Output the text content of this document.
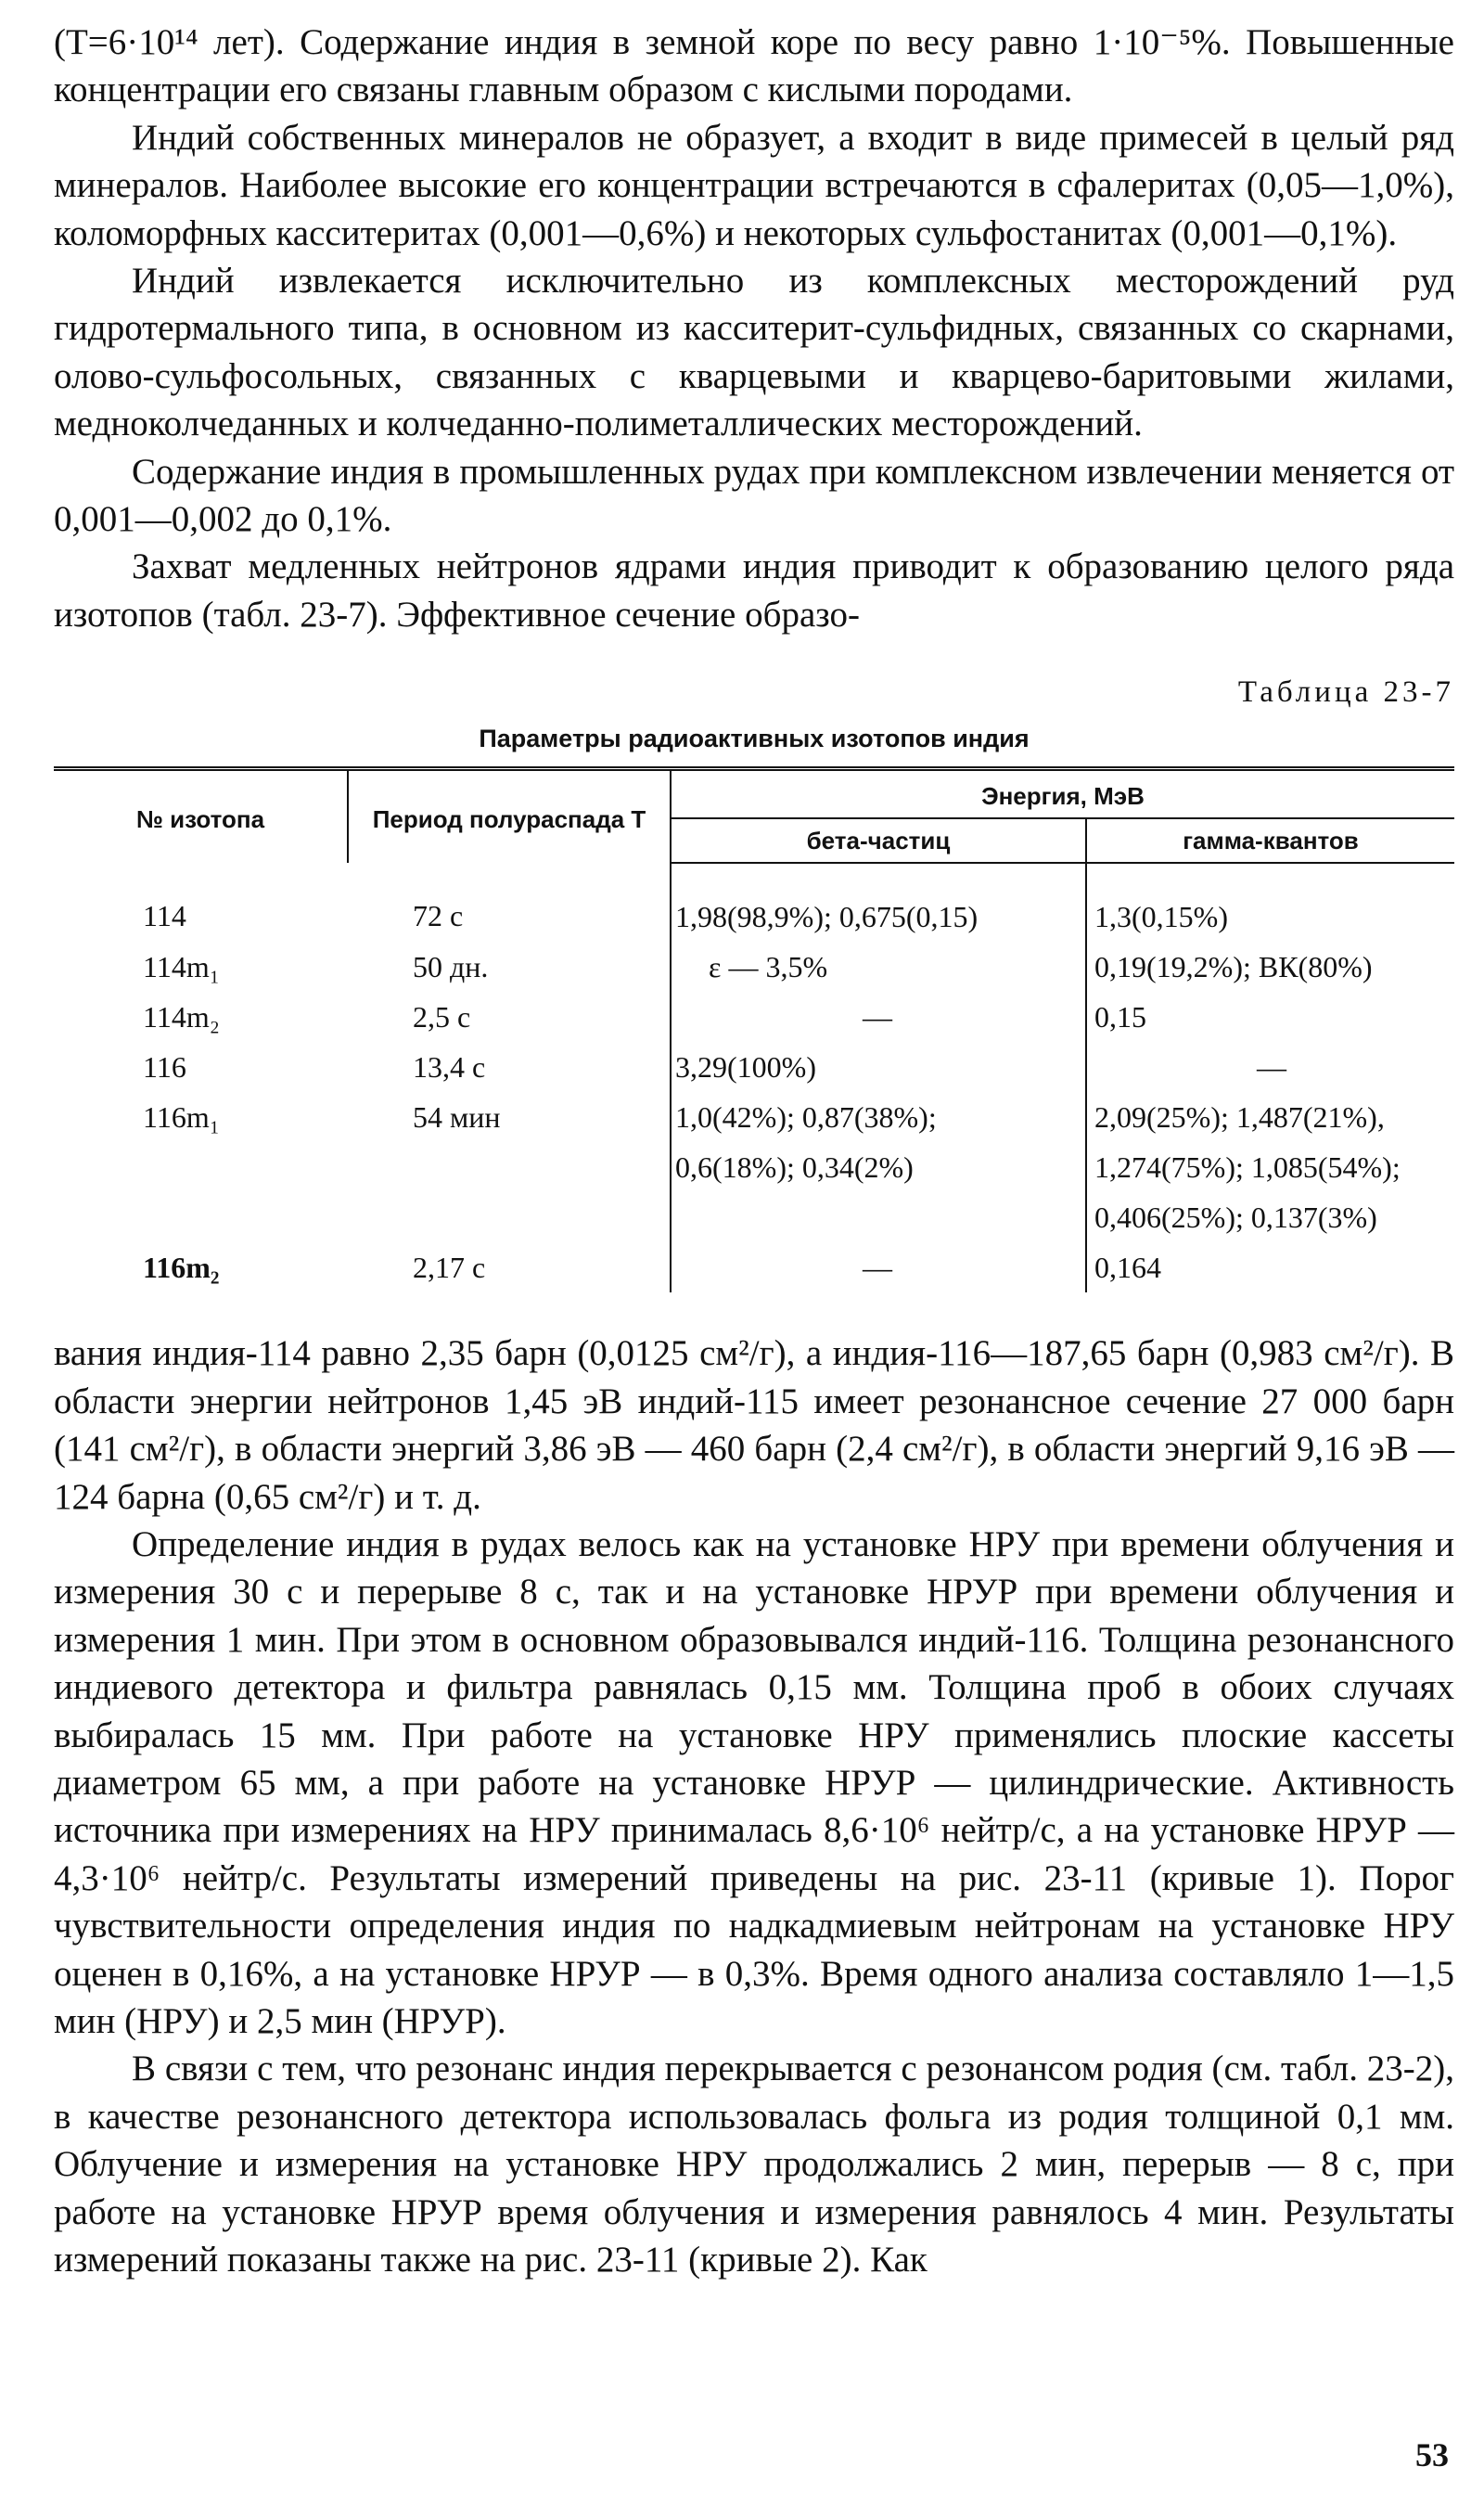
(T=6·10¹⁴ лет). Содержание индия в земной коре по весу равно 1·10⁻⁵%. Повышенные концентрации его связаны главным образом с кислыми породами.

Индий собственных минералов не образует, а входит в виде примесей в целый ряд минералов. Наиболее высокие его концентрации встречаются в сфалеритах (0,05—1,0%), коломорфных касситеритах (0,001—0,6%) и некоторых сульфостанитах (0,001—0,1%).

Индий извлекается исключительно из комплексных месторождений руд гидротермального типа, в основном из касситерит-сульфидных, связанных со скарнами, олово-сульфосольных, связанных с кварцевыми и кварцево-баритовыми жилами, медноколчеданных и колчеданно-полиметаллических месторождений.

Содержание индия в промышленных рудах при комплексном извлечении меняется от 0,001—0,002 до 0,1%.

Захват медленных нейтронов ядрами индия приводит к образованию целого ряда изотопов (табл. 23-7). Эффективное сечение образо-

Таблица 23-7
Параметры радиоактивных изотопов индия
№ изотопа	Период полураспада T	Энергия, МэВ	
		бета-частиц	гамма-квантов
114	72 с	1,98(98,9%); 0,675(0,15)	1,3(0,15%)
114m₁	50 дн.	ε — 3,5%	0,19(19,2%); ВК(80%)
114m₂	2,5 с	—	0,15
116	13,4 с	3,29(100%)	—
116m₁	54 мин	1,0(42%); 0,87(38%);	2,09(25%); 1,487(21%),
		0,6(18%); 0,34(2%)	1,274(75%); 1,085(54%);
			0,406(25%); 0,137(3%)
116m₂	2,17 с	—	0,164

вания индия-114 равно 2,35 барн (0,0125 см²/г), а индия-116—187,65 барн (0,983 см²/г). В области энергии нейтронов 1,45 эВ индий-115 имеет резонансное сечение 27 000 барн (141 см²/г), в области энергий 3,86 эВ — 460 барн (2,4 см²/г), в области энергий 9,16 эВ — 124 барна (0,65 см²/г) и т. д.

Определение индия в рудах велось как на установке НРУ при времени облучения и измерения 30 с и перерыве 8 с, так и на установке НРУР при времени облучения и измерения 1 мин. При этом в основном образовывался индий-116. Толщина резонансного индиевого детектора и фильтра равнялась 0,15 мм. Толщина проб в обоих случаях выбиралась 15 мм. При работе на установке НРУ применялись плоские кассеты диаметром 65 мм, а при работе на установке НРУР — цилиндрические. Активность источника при измерениях на НРУ принималась 8,6·10⁶ нейтр/с, а на установке НРУР — 4,3·10⁶ нейтр/с. Результаты измерений приведены на рис. 23-11 (кривые 1). Порог чувствительности определения индия по надкадмиевым нейтронам на установке НРУ оценен в 0,16%, а на установке НРУР — в 0,3%. Время одного анализа составляло 1—1,5 мин (НРУ) и 2,5 мин (НРУР).

В связи с тем, что резонанс индия перекрывается с резонансом родия (см. табл. 23-2), в качестве резонансного детектора использовалась фольга из родия толщиной 0,1 мм. Облучение и измерения на установке НРУ продолжались 2 мин, перерыв — 8 с, при работе на установке НРУР время облучения и измерения равнялось 4 мин. Результаты измерений показаны также на рис. 23-11 (кривые 2). Как

53
